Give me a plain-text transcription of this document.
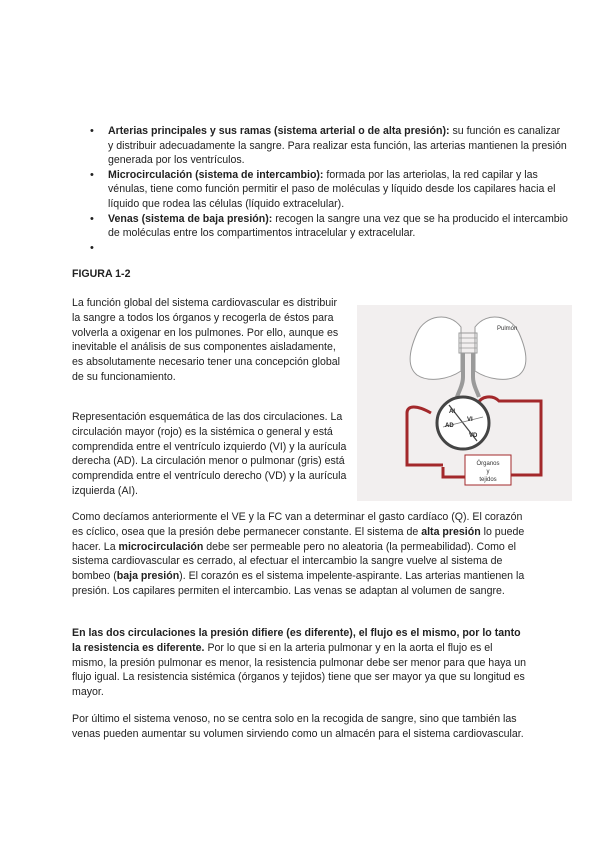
• Arterias principales y sus ramas (sistema arterial o de alta presión): su función es canalizar y distribuir adecuadamente la sangre. Para realizar esta función, las arterias mantienen la presión generada por los ventrículos.
• Microcirculación (sistema de intercambio): formada por las arteriolas, la red capilar y las vénulas, tiene como función permitir el paso de moléculas y líquido desde los capilares hacia el líquido que rodea las células (líquido extracelular).
• Venas (sistema de baja presión): recogen la sangre una vez que se ha producido el intercambio de moléculas entre los compartimentos intracelular y extracelular.
•

FIGURA 1-2

La función global del sistema cardiovascular es distribuir la sangre a todos los órganos y recogerla de éstos para volverla a oxigenar en los pulmones. Por ello, aunque es inevitable el análisis de sus componentes aisladamente, es absolutamente necesario tener una concepción global de su funcionamiento.

Representación esquemática de las dos circulaciones. La circulación mayor (rojo) es la sistémica o general y está comprendida entre el ventrículo izquierdo (VI) y la aurícula derecha (AD). La circulación menor o pulmonar (gris) está comprendida entre el ventrículo derecho (VD) y la aurícula izquierda (AI).

Pulmón
AI
AD
VI
VD
Órganos
y
tejidos

Como decíamos anteriormente el VE y la FC van a determinar el gasto cardíaco (Q). El corazón es cíclico, osea que la presión debe permanecer constante. El sistema de alta presión lo puede hacer. La microcirculación debe ser permeable pero no aleatoria (la permeabilidad). Como el sistema cardiovascular es cerrado, al efectuar el intercambio la sangre vuelve al sistema de bombeo (baja presión). El corazón es el sistema impelente-aspirante. Las arterias mantienen la presión. Los capilares permiten el intercambio. Las venas se adaptan al volumen de sangre.

En las dos circulaciones la presión difiere (es diferente), el flujo es el mismo, por lo tanto la resistencia es diferente. Por lo que si en la arteria pulmonar y en la aorta el flujo es el mismo, la presión pulmonar es menor, la resistencia pulmonar debe ser menor para que haya un flujo igual. La resistencia sistémica (órganos y tejidos) tiene que ser mayor ya que su longitud es mayor.

Por último el sistema venoso, no se centra solo en la recogida de sangre, sino que también las venas pueden aumentar su volumen sirviendo como un almacén para el sistema cardiovascular.
